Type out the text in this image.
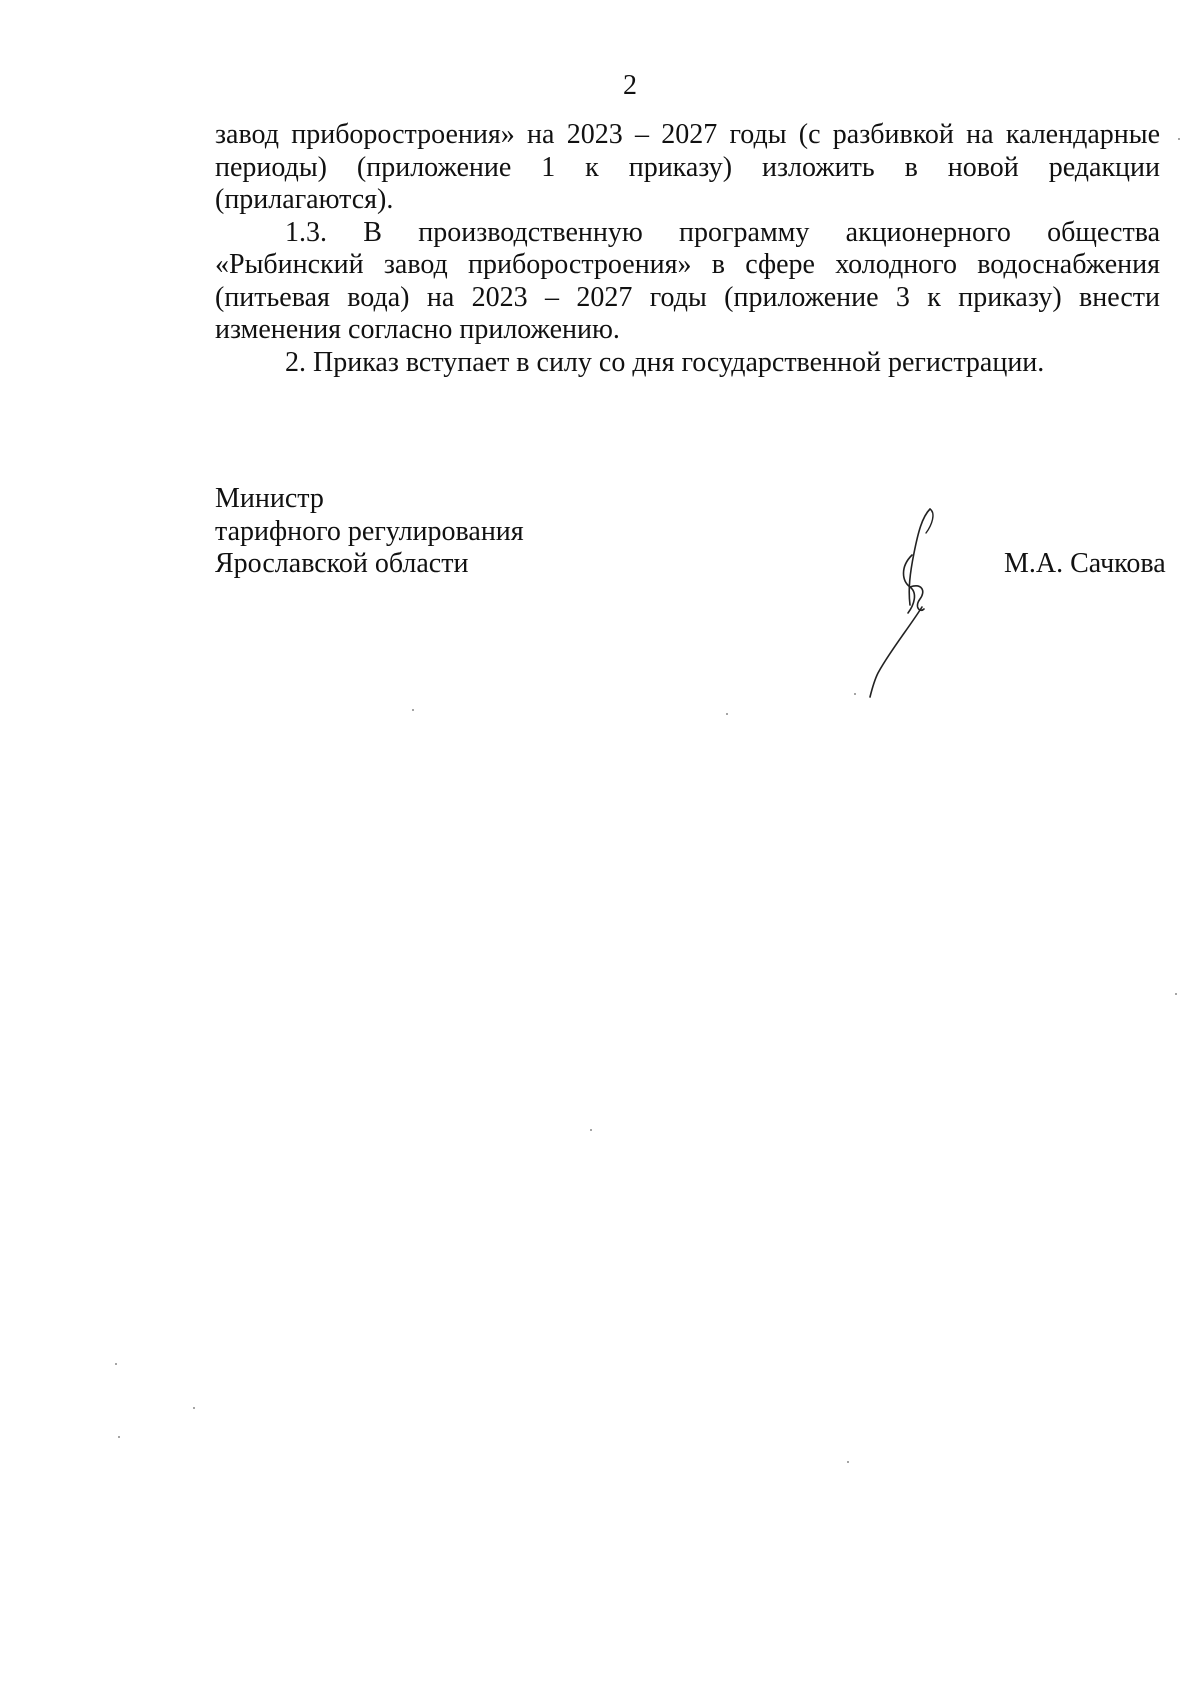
2

завод приборостроения» на 2023 – 2027 годы (с разбивкой на календарные периоды) (приложение 1 к приказу) изложить в новой редакции (прилагаются).

1.3. В производственную программу акционерного общества «Рыбинский завод приборостроения» в сфере холодного водоснабжения (питьевая вода) на 2023 – 2027 годы (приложение 3 к приказу) внести изменения согласно приложению.

2. Приказ вступает в силу со дня государственной регистрации.

Министр
тарифного регулирования
Ярославской области	М.А. Сачкова
